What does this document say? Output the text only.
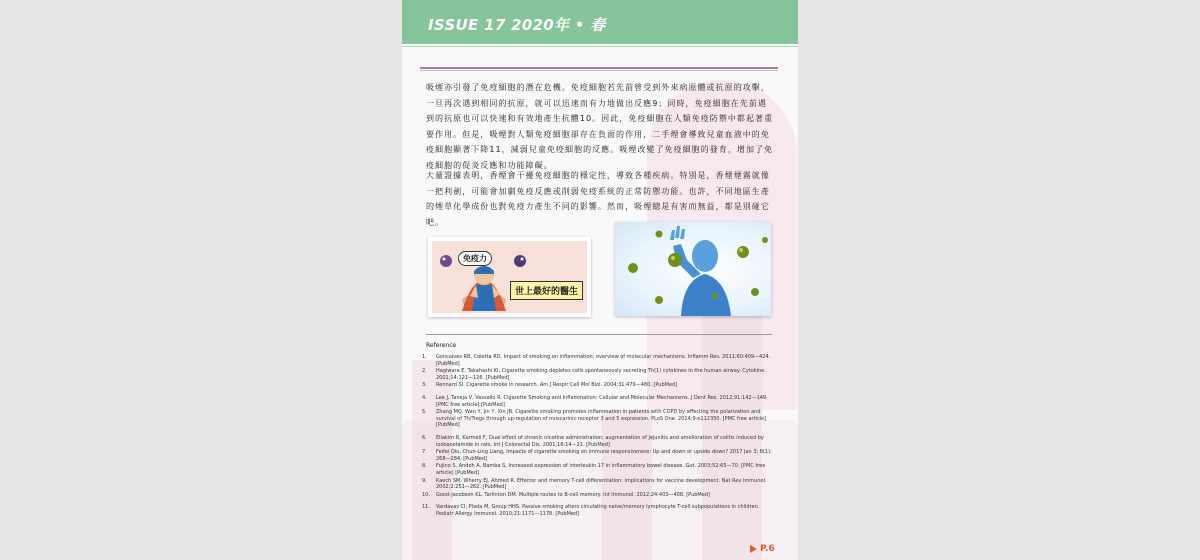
ISSUE 17 2020年 • 春
吸煙亦引發了免疫細胞的潛在危機。免疫細胞若先前曾受到外來病原體或抗原的攻擊，一旦再次遇到相同的抗原，就可以迅速而有力地做出反應9；同時，免疫細胞在先前遇到的抗原也可以快速和有效地產生抗體10。因此，免疫細胞在人類免疫防禦中都起著重要作用。但是，吸煙對人類免疫細胞卻存在負面的作用，二手煙會導致兒童血液中的免疫細胞顯著下降11，減弱兒童免疫細胞的反應。吸煙改變了免疫細胞的發育，增加了免疫細胞的促炎反應和功能障礙。
大量證據表明，香煙會干擾免疫細胞的穩定性，導致各種疾病。特別是，香煙煙霧就像一把利劍，可能會加劇免疫反應或削弱免疫系統的正常防禦功能。也許，不同地區生產的煙草化學成份也對免疫力產生不同的影響。然而，吸煙總是有害而無益，都是別碰它吧。
免疫力
世上最好的醫生
Reference
1. Goncalves RB, Coletta RD, Impact of smoking on inflammation: overview of molecular mechanisms. Inflamm Res. 2011;60:409—424. [PubMed]
2. Hagiwara E, Takahashi KI, Cigarette smoking depletes cells spontaneously secreting Th(1) cytokines in the human airway. Cytokine. 2001;14:121—126. [PubMed]
3. Rennard SI. Cigarette smoke in research. Am J Respir Cell Mol Biol. 2004;31:479—480. [PubMed]
4. Lee J, Taneja V, Vassallo R. Cigarette Smoking and Inflammation: Cellular and Molecular Mechanisms. J Dent Res. 2012;91:142—149. [PMC free article] [PubMed]
5. Zhang MQ, Wan Y, Jin Y, Xin JB. Cigarette smoking promotes inflammation in patients with COPD by affecting the polarization and survival of Th/Tregs through up-regulation of muscarinic receptor 3 and 5 expression. PLoS One. 2014;9:e112350. [PMC free article] [PubMed]
6. Eliakim R, Karmeli F, Dual effect of chronic nicotine administration: augmentation of jejunitis and amelioration of colitis induced by iodoacetamide in rats. Int J Colorectal Dis. 2001;16:14—21. [PubMed]
7. Feifei Qiu, Chun-Ling Liang, Impacts of cigarette smoking on immune responsiveness: Up and down or upside down? 2017 Jan 3; 8(1): 268—284. [PubMed]
8. Fujino S, Andoh A, Bamba S, Increased expression of interleukin 17 in inflammatory bowel disease. Gut. 2003;52:65—70. [PMC free article] [PubMed]
9. Kaech SM, Wherry EJ, Ahmed R. Effector and memory T-cell differentiation: implications for vaccine development. Nat Rev Immunol. 2002;2:251—262. [PubMed]
10. Good-Jacobson KL, Tarlinton DM. Multiple routes to B-cell memory. Int Immunol. 2012;24:403—408. [PubMed]
11. Vardavas CI, Plada M, Group HHS. Passive smoking alters circulating naive/memory lymphocyte T-cell subpopulations in children. Pediatr Allergy Immunol. 2010;21:1171—1178. [PubMed]
P.6
